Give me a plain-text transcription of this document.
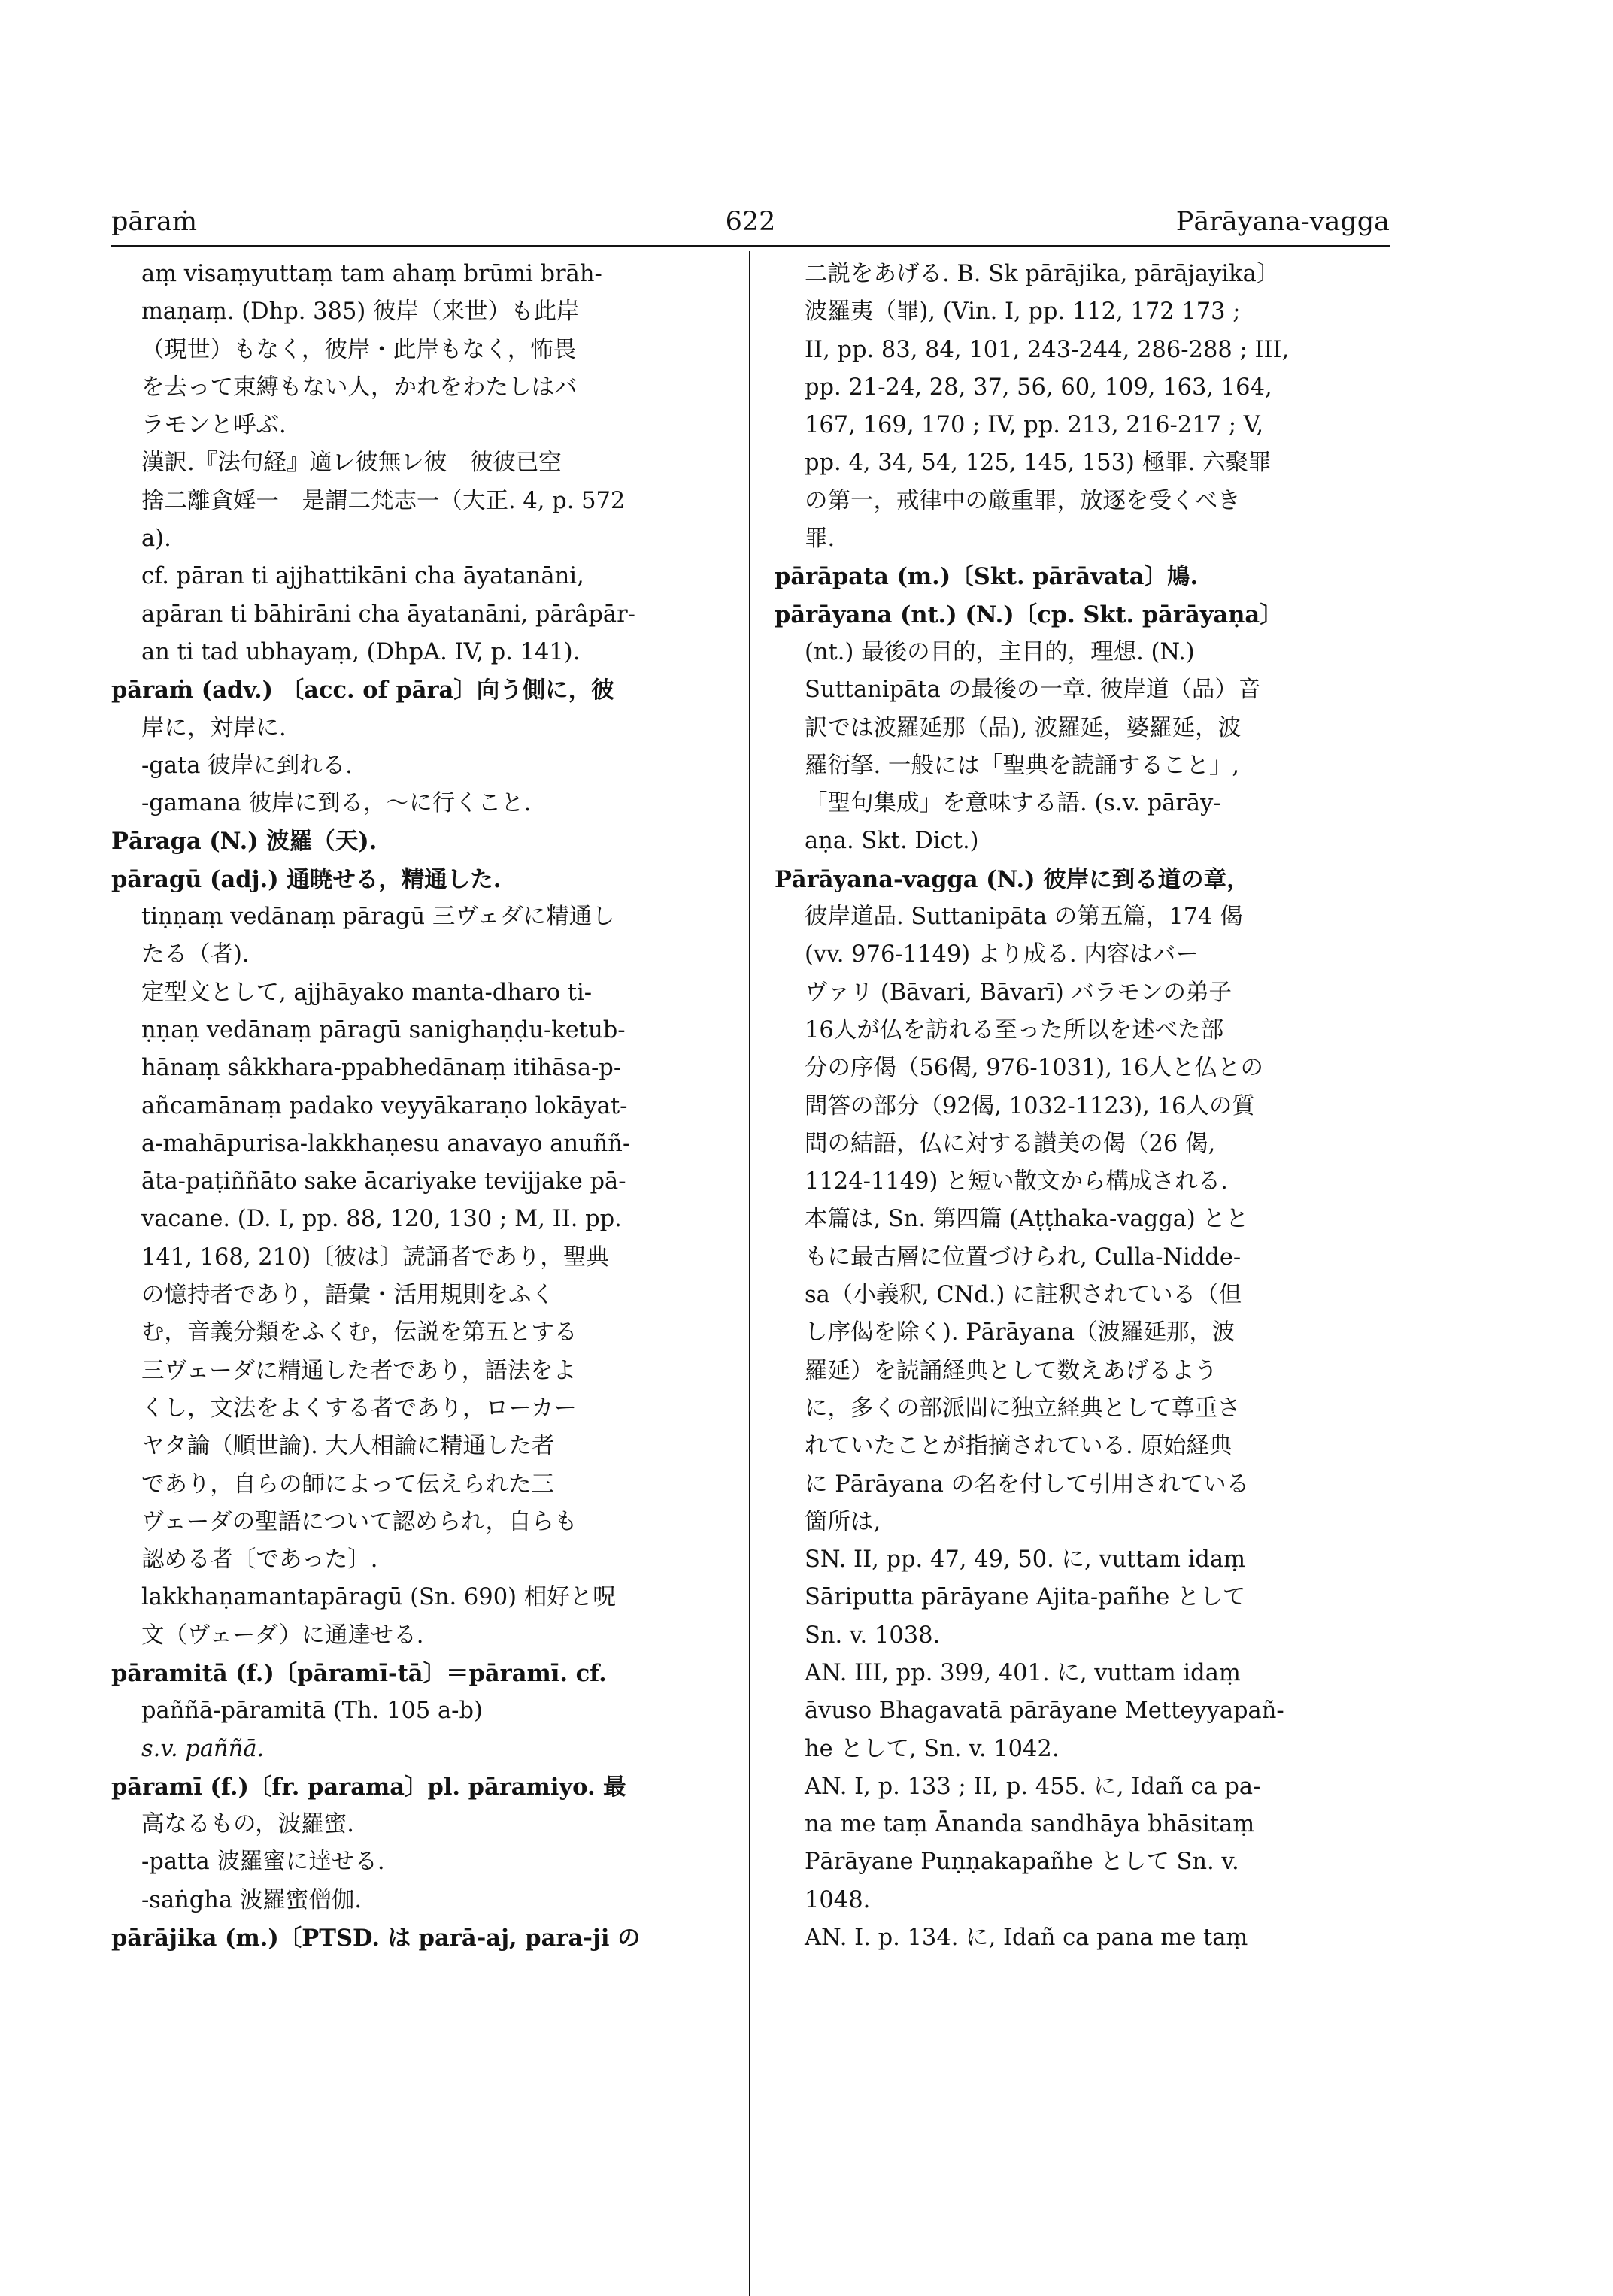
pāraṁ	622	Pārāyana-vagga
aṃ visaṃyuttaṃ tam ahaṃ brūmi brāh-
maṇaṃ. (Dhp. 385) 彼岸（来世）も此岸
（現世）もなく，彼岸・此岸もなく，怖畏
を去って束縛もない人，かれをわたしはバ
ラモンと呼ぶ.
漢訳.『法句経』適㆑彼無㆑彼　彼彼已空
捨㆓離貪婬㆒　是謂㆓梵志㆒（大正. 4, p. 572
a).
cf. pāran ti ajjhattikāni cha āyatanāni,
apāran ti bāhirāni cha āyatanāni, pārâpār-
an ti tad ubhayaṃ, (DhpA. IV, p. 141).
pāraṁ (adv.) 〔acc. of pāra〕向う側に，彼
岸に，対岸に.
-gata 彼岸に到れる.
-gamana 彼岸に到る，〜に行くこと.
Pāraga (N.) 波羅（天).
pāragū (adj.) 通暁せる，精通した.
tiṇṇaṃ vedānaṃ pāragū 三ヴェダに精通し
たる（者).
定型文として, ajjhāyako manta-dharo ti-
ṇṇaṇ vedānaṃ pāragū sanighaṇḍu-ketub-
hānaṃ sâkkhara-ppabhedānaṃ itihāsa-p-
añcamānaṃ padako veyyākaraṇo lokāyat-
a-mahāpurisa-lakkhaṇesu anavayo anuññ-
āta-paṭiññāto sake ācariyake tevijjake pā-
vacane. (D. I, pp. 88, 120, 130 ; M, II. pp.
141, 168, 210)〔彼は〕読誦者であり，聖典
の憶持者であり，語彙・活用規則をふく
む，音義分類をふくむ，伝説を第五とする
三ヴェーダに精通した者であり，語法をよ
くし，文法をよくする者であり，ローカー
ヤタ論（順世論). 大人相論に精通した者
であり，自らの師によって伝えられた三
ヴェーダの聖語について認められ，自らも
認める者〔であった〕.
lakkhaṇamantapāragū (Sn. 690) 相好と呪
文（ヴェーダ）に通達せる.
pāramitā (f.)〔pāramī-tā〕＝pāramī. cf.
paññā-pāramitā (Th. 105 a-b)
s.v. paññā.
pāramī (f.)〔fr. parama〕pl. pāramiyo. 最
高なるもの，波羅蜜.
-patta 波羅蜜に達せる.
-saṅgha 波羅蜜僧伽.
pārājika (m.)〔PTSD. は parā-aj, para-ji の
二説をあげる. B. Sk pārājika, pārājayika〕
波羅夷（罪), (Vin. I, pp. 112, 172 173 ;
II, pp. 83, 84, 101, 243-244, 286-288 ; III,
pp. 21-24, 28, 37, 56, 60, 109, 163, 164,
167, 169, 170 ; IV, pp. 213, 216-217 ; V,
pp. 4, 34, 54, 125, 145, 153) 極罪. 六聚罪
の第一，戒律中の厳重罪，放逐を受くべき
罪.
pārāpata (m.)〔Skt. pārāvata〕鳩.
pārāyana (nt.) (N.)〔cp. Skt. pārāyaṇa〕
(nt.) 最後の目的，主目的，理想. (N.)
Suttanipāta の最後の一章. 彼岸道（品）音
訳では波羅延那（品), 波羅延，婆羅延，波
羅衍拏. 一般には「聖典を読誦すること」,
「聖句集成」を意味する語. (s.v. pārāy-
aṇa. Skt. Dict.)
Pārāyana-vagga (N.) 彼岸に到る道の章，
彼岸道品. Suttanipāta の第五篇，174 偈
(vv. 976-1149) より成る. 内容はバー
ヴァリ (Bāvari, Bāvarī) バラモンの弟子
16人が仏を訪れる至った所以を述べた部
分の序偈（56偈, 976-1031), 16人と仏との
問答の部分（92偈, 1032-1123), 16人の質
問の結語，仏に対する讃美の偈（26 偈,
1124-1149) と短い散文から構成される.
本篇は, Sn. 第四篇 (Aṭṭhaka-vagga) とと
もに最古層に位置づけられ, Culla-Nidde-
sa（小義釈, CNd.) に註釈されている（但
し序偈を除く). Pārāyana（波羅延那，波
羅延）を読誦経典として数えあげるよう
に，多くの部派間に独立経典として尊重さ
れていたことが指摘されている. 原始経典
に Pārāyana の名を付して引用されている
箇所は,
SN. II, pp. 47, 49, 50. に, vuttam idaṃ
Sāriputta pārāyane Ajita-pañhe として
Sn. v. 1038.
AN. III, pp. 399, 401. に, vuttam idaṃ
āvuso Bhagavatā pārāyane Metteyyapañ-
he として, Sn. v. 1042.
AN. I, p. 133 ; II, p. 455. に, Idañ ca pa-
na me taṃ Ānanda sandhāya bhāsitaṃ
Pārāyane Puṇṇakapañhe として Sn. v.
1048.
AN. I. p. 134. に, Idañ ca pana me taṃ
